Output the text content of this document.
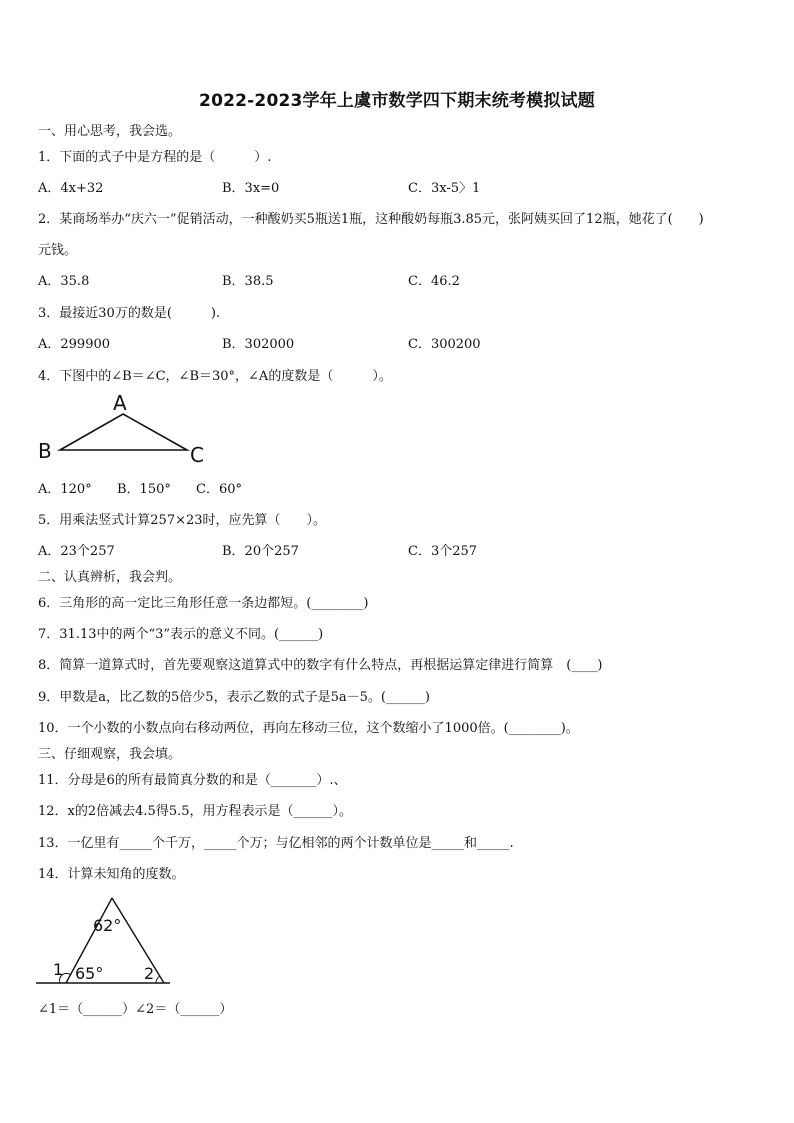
2022-2023学年上虞市数学四下期末统考模拟试题
一、用心思考，我会选。
1．下面的式子中是方程的是（　　　）.
A．4x+32	B．3x=0	C．3x-5〉1
2．某商场举办“庆六一”促销活动，一种酸奶买5瓶送1瓶，这种酸奶每瓶3.85元，张阿姨买回了12瓶，她花了(　　)
元钱。
A．35.8	B．38.5	C．46.2
3．最接近30万的数是(　　　).
A．299900	B．302000	C．300200
4．下图中的∠B＝∠C，∠B＝30°，∠A的度数是（　　　）。
A
B	C
A．120° B．150° C．60°
5．用乘法竖式计算257×23时，应先算（　　）。
A．23个257	B．20个257	C．3个257
二、认真辨析，我会判。
6．三角形的高一定比三角形任意一条边都短。(________)
7．31.13中的两个“3”表示的意义不同。(______)
8．简算一道算式时，首先要观察这道算式中的数字有什么特点，再根据运算定律进行简算　(____)
9．甲数是a，比乙数的5倍少5，表示乙数的式子是5a－5。(______)
10．一个小数的小数点向右移动两位，再向左移动三位，这个数缩小了1000倍。(________)。
三、仔细观察，我会填。
11．分母是6的所有最简真分数的和是（_______）.、
12．x的2倍减去4.5得5.5，用方程表示是（______）。
13．一亿里有_____个千万，_____个万；与亿相邻的两个计数单位是_____和_____.
14．计算未知角的度数。
62°
65°
1	2
∠1＝（______）∠2＝（______）
